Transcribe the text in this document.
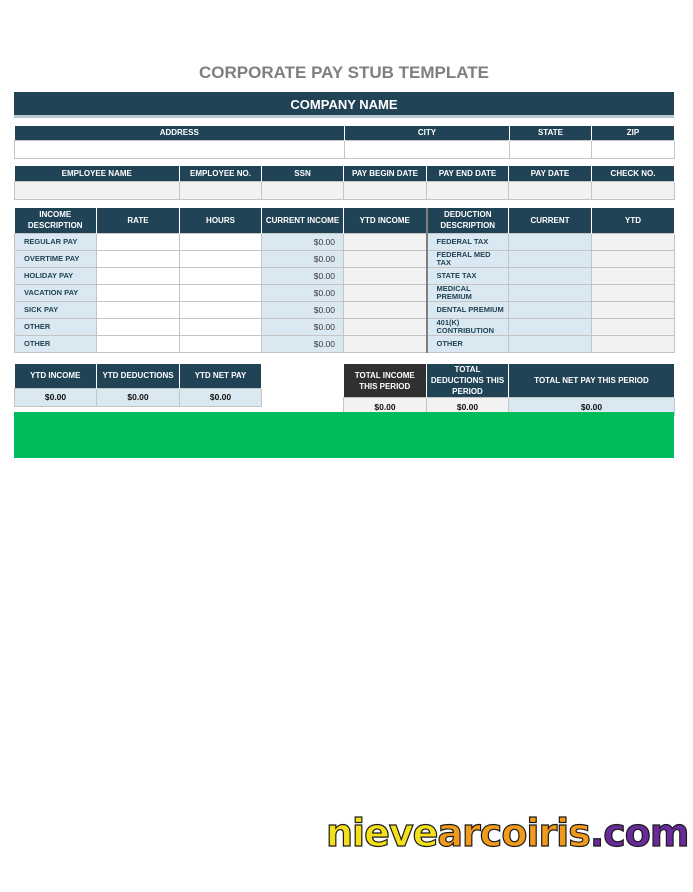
CORPORATE PAY STUB TEMPLATE
COMPANY NAME
ADDRESS	CITY	STATE	ZIP

EMPLOYEE NAME	EMPLOYEE NO.	SSN	PAY BEGIN DATE	PAY END DATE	PAY DATE	CHECK NO.

INCOME DESCRIPTION	RATE	HOURS	CURRENT INCOME	YTD INCOME	DEDUCTION DESCRIPTION	CURRENT	YTD
REGULAR PAY			$0.00		FEDERAL TAX		
OVERTIME PAY			$0.00		FEDERAL MED TAX		
HOLIDAY PAY			$0.00		STATE TAX		
VACATION PAY			$0.00		MEDICAL PREMIUM		
SICK PAY			$0.00		DENTAL PREMIUM		
OTHER			$0.00		401(K) CONTRIBUTION		
OTHER			$0.00		OTHER		
YTD INCOME	YTD DEDUCTIONS	YTD NET PAY
$0.00	$0.00	$0.00
TOTAL INCOME THIS PERIOD	TOTAL DEDUCTIONS THIS PERIOD	TOTAL NET PAY THIS PERIOD
$0.00	$0.00	$0.00
nievearcoiris.com
